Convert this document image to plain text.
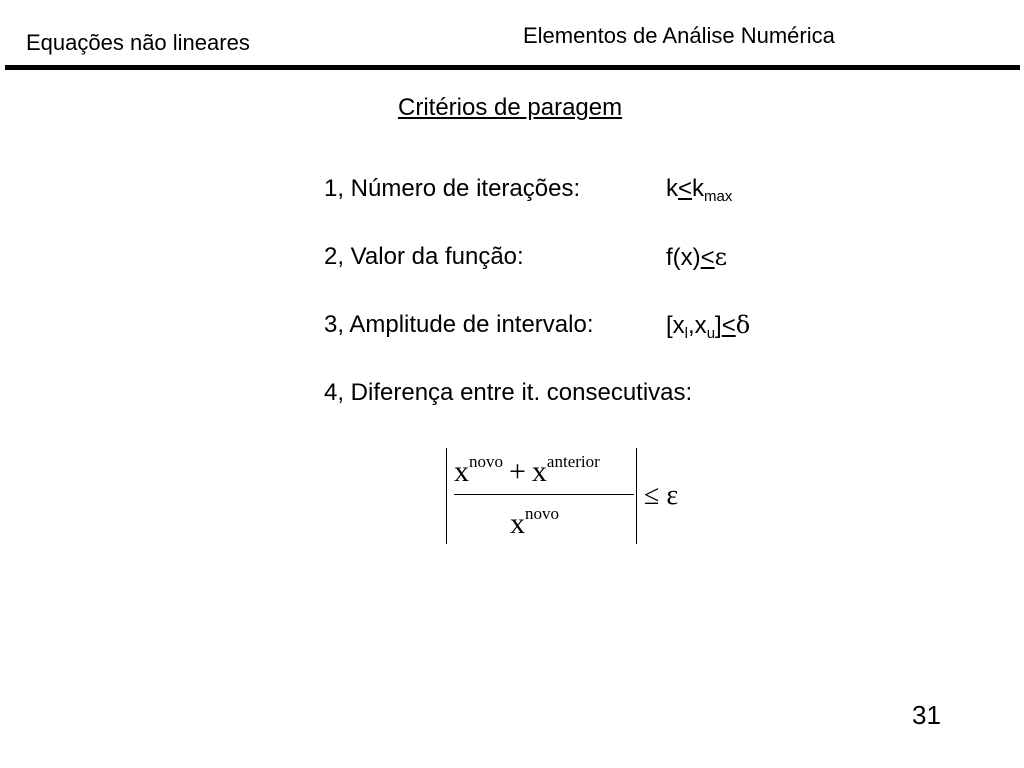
Equações não lineares	Elementos de Análise Numérica
Critérios de paragem
1, Número de iterações:	$k<k_{max}$
2, Valor da função:	f(x)<ε
3, Amplitude de intervalo:	$[x_l,x_u]<\delta$
4, Diferença entre it. consecutivas:
$x^{novo} + x^{anterior}$
$x^{novo}$
≤ ε
31
